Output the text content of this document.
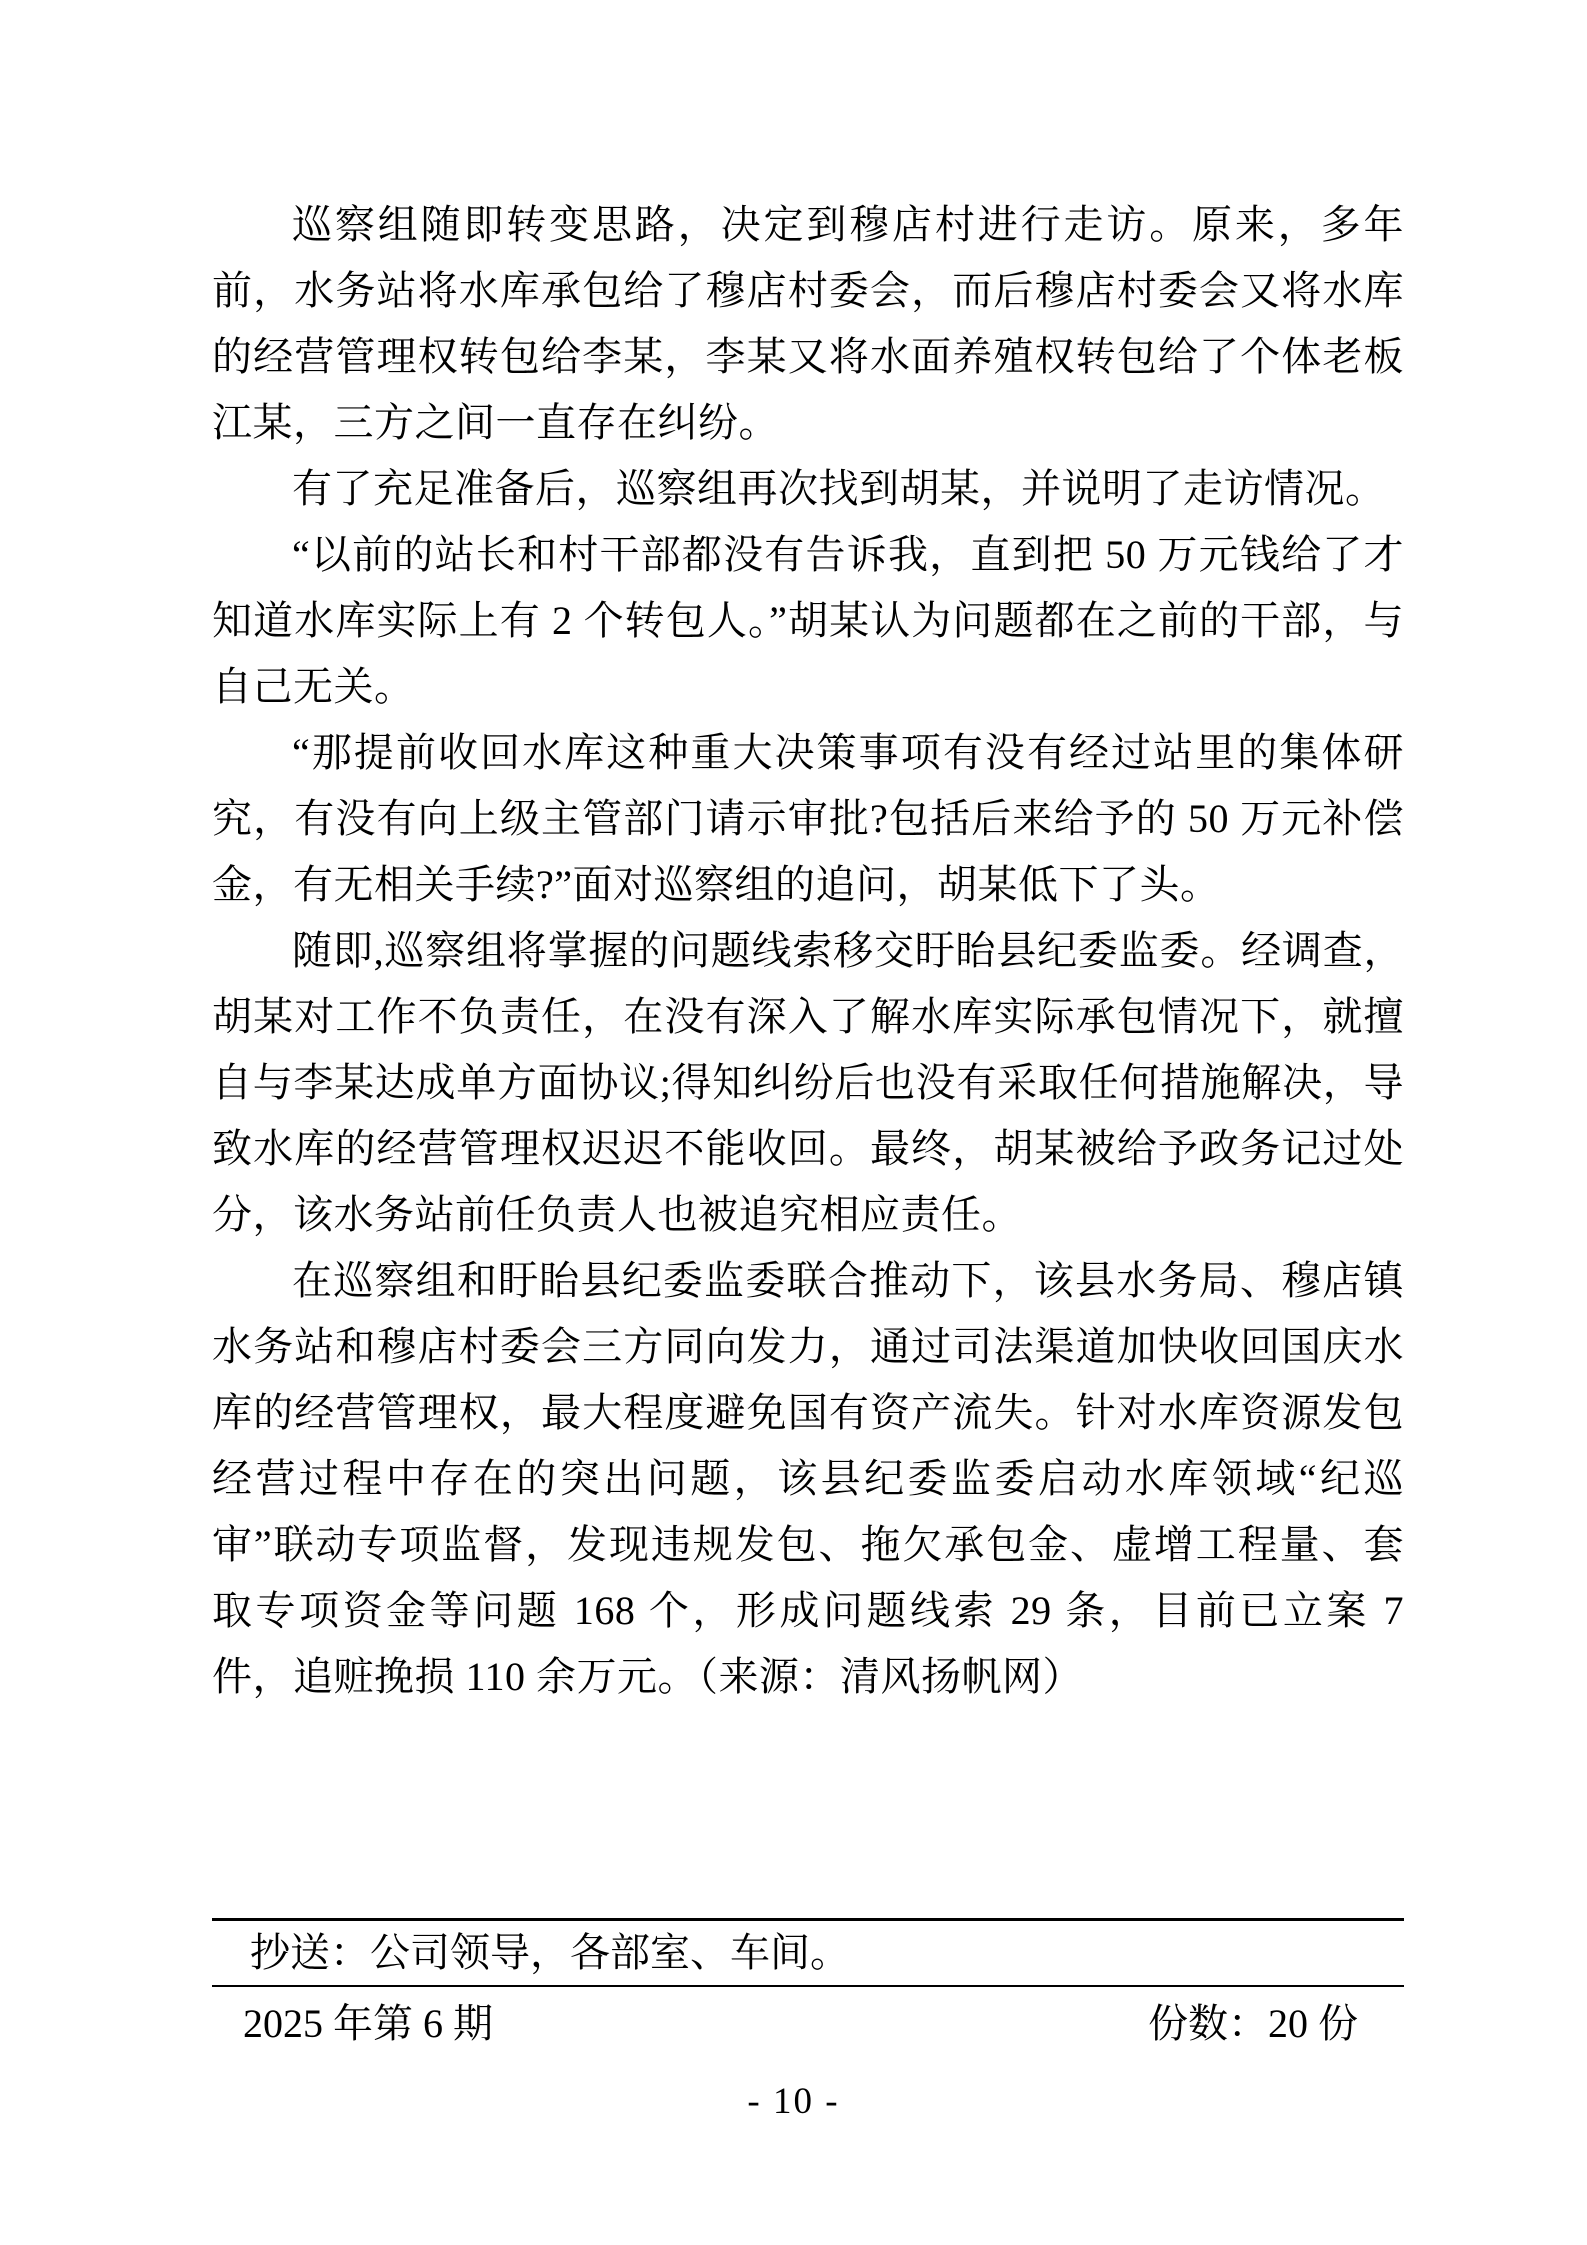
巡察组随即转变思路，决定到穆店村进行走访。原来，多年前，水务站将水库承包给了穆店村委会，而后穆店村委会又将水库的经营管理权转包给李某，李某又将水面养殖权转包给了个体老板江某，三方之间一直存在纠纷。

有了充足准备后，巡察组再次找到胡某，并说明了走访情况。

“以前的站长和村干部都没有告诉我，直到把 50 万元钱给了才知道水库实际上有 2 个转包人。”胡某认为问题都在之前的干部，与自己无关。

“那提前收回水库这种重大决策事项有没有经过站里的集体研究，有没有向上级主管部门请示审批?包括后来给予的 50 万元补偿金，有无相关手续?”面对巡察组的追问，胡某低下了头。

随即,巡察组将掌握的问题线索移交盱眙县纪委监委。经调查，胡某对工作不负责任，在没有深入了解水库实际承包情况下，就擅自与李某达成单方面协议;得知纠纷后也没有采取任何措施解决，导致水库的经营管理权迟迟不能收回。最终，胡某被给予政务记过处分，该水务站前任负责人也被追究相应责任。

在巡察组和盱眙县纪委监委联合推动下，该县水务局、穆店镇水务站和穆店村委会三方同向发力，通过司法渠道加快收回国庆水库的经营管理权，最大程度避免国有资产流失。针对水库资源发包经营过程中存在的突出问题，该县纪委监委启动水库领域“纪巡审”联动专项监督，发现违规发包、拖欠承包金、虚增工程量、套取专项资金等问题 168 个，形成问题线索 29 条，目前已立案 7 件，追赃挽损 110 余万元。（来源：清风扬帆网）

抄送：公司领导，各部室、车间。
2025 年第 6 期	份数：20 份
- 10 -
